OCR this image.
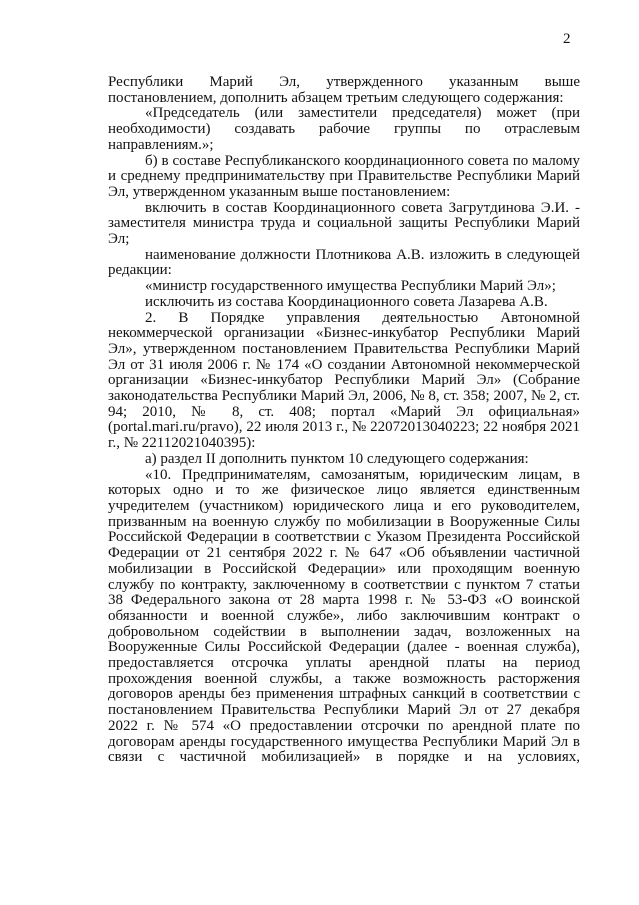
2

Республики Марий Эл, утвержденного указанным выше постановлением, дополнить абзацем третьим следующего содержания:

«Председатель (или заместители председателя) может (при необходимости) создавать рабочие группы по отраслевым направлениям.»;

б) в составе Республиканского координационного совета по малому и среднему предпринимательству при Правительстве Республики Марий Эл, утвержденном указанным выше постановлением:

включить в состав Координационного совета Загрутдинова Э.И. - заместителя министра труда и социальной защиты Республики Марий Эл;

наименование должности Плотникова А.В. изложить в следующей редакции:

«министр государственного имущества Республики Марий Эл»;

исключить из состава Координационного совета Лазарева А.В.

2. В Порядке управления деятельностью Автономной некоммерческой организации «Бизнес-инкубатор Республики Марий Эл», утвержденном постановлением Правительства Республики Марий Эл от 31 июля 2006 г. № 174 «О создании Автономной некоммерческой организации «Бизнес-инкубатор Республики Марий Эл» (Собрание законодательства Республики Марий Эл, 2006, № 8, ст. 358; 2007, № 2, ст. 94; 2010, № 8, ст. 408; портал «Марий Эл официальная» (portal.mari.ru/pravo), 22 июля 2013 г., № 22072013040223; 22 ноября 2021 г., № 22112021040395):

а) раздел II дополнить пунктом 10 следующего содержания:

«10. Предпринимателям, самозанятым, юридическим лицам, в которых одно и то же физическое лицо является единственным учредителем (участником) юридического лица и его руководителем, призванным на военную службу по мобилизации в Вооруженные Силы Российской Федерации в соответствии с Указом Президента Российской Федерации от 21 сентября 2022 г. № 647 «Об объявлении частичной мобилизации в Российской Федерации» или проходящим военную службу по контракту, заключенному в соответствии с пунктом 7 статьи 38 Федерального закона от 28 марта 1998 г. № 53-ФЗ «О воинской обязанности и военной службе», либо заключившим контракт о добровольном содействии в выполнении задач, возложенных на Вооруженные Силы Российской Федерации (далее - военная служба), предоставляется отсрочка уплаты арендной платы на период прохождения военной службы, а также возможность расторжения договоров аренды без применения штрафных санкций в соответствии с постановлением Правительства Республики Марий Эл от 27 декабря 2022 г. № 574 «О предоставлении отсрочки по арендной плате по договорам аренды государственного имущества Республики Марий Эл в связи с частичной мобилизацией» в порядке и на условиях,
